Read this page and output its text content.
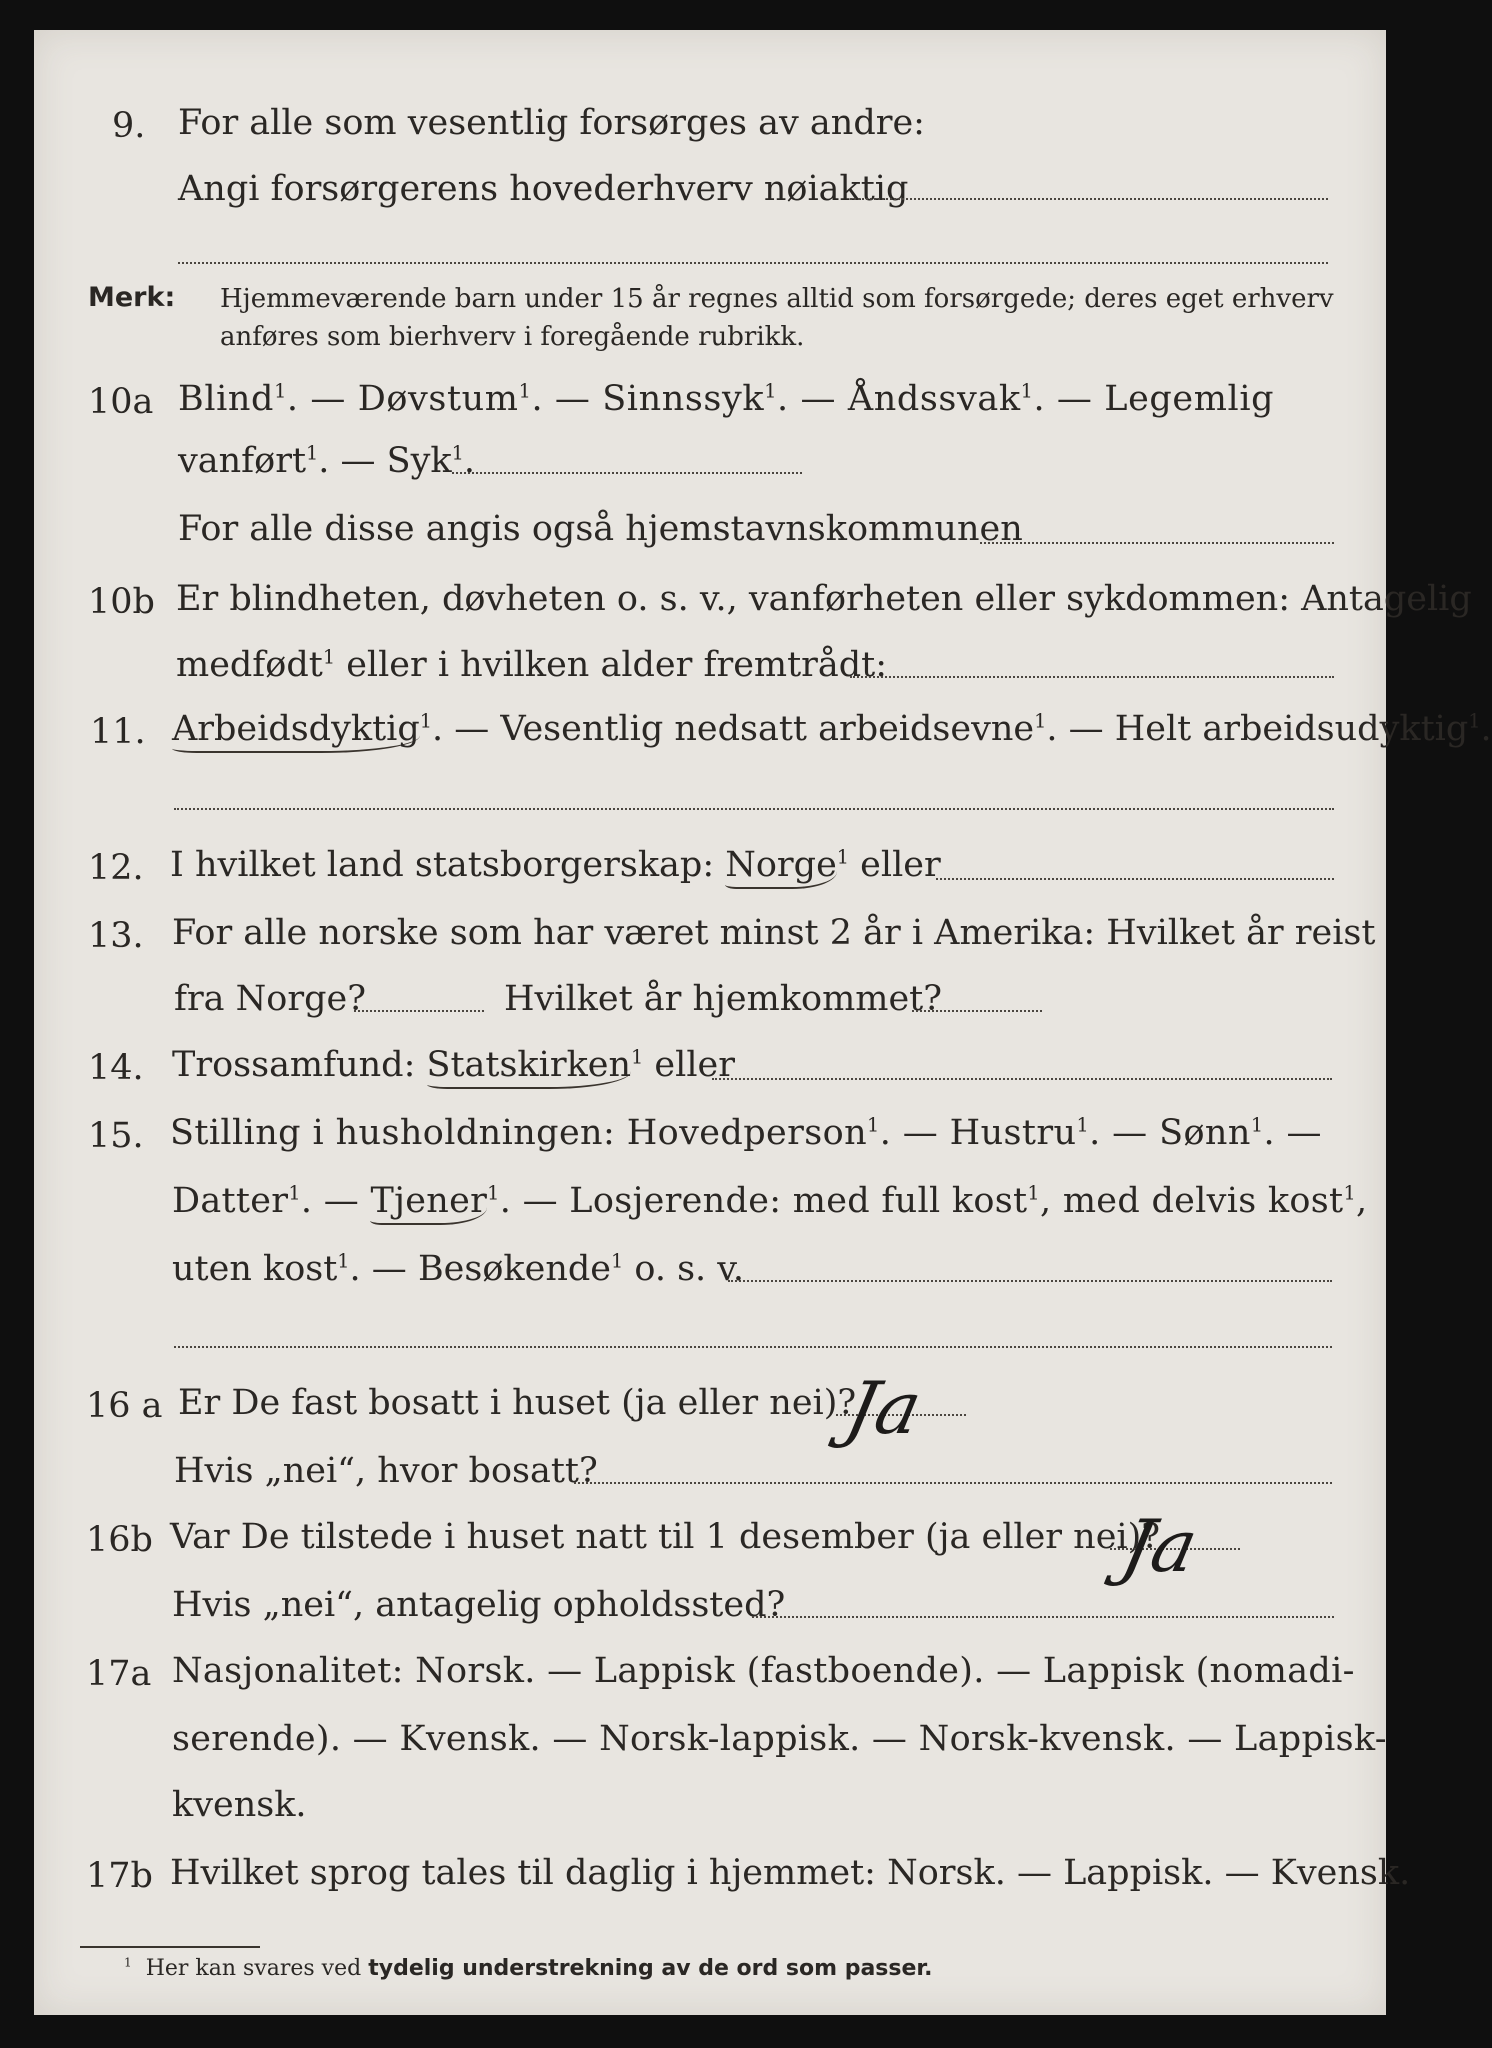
9. For alle som vesentlig forsørges av andre:
Angi forsørgerens hovederhverv nøiaktig
Merk: Hjemmeværende barn under 15 år regnes alltid som forsørgede; deres eget erhverv
anføres som bierhverv i foregående rubrikk.
10a Blind$^1$. — Døvstum$^1$. — Sinnssyk$^1$. — Åndssvak$^1$. — Legemlig
vanført$^1$. — Syk$^1$.
For alle disse angis også hjemstavnskommunen
10b Er blindheten, døvheten o. s. v., vanførheten eller sykdommen: Antagelig
medfødt$^1$ eller i hvilken alder fremtrådt:
11. Arbeidsdyktig$^1$. — Vesentlig nedsatt arbeidsevne$^1$. — Helt arbeidsudyktig$^1$.
12. I hvilket land statsborgerskap: Norge$^1$ eller
13. For alle norske som har været minst 2 år i Amerika: Hvilket år reist
fra Norge?	Hvilket år hjemkommet?
14. Trossamfund: Statskirken$^1$ eller
15. Stilling i husholdningen: Hovedperson$^1$. — Hustru$^1$. — Sønn$^1$. —
Datter$^1$. — Tjener$^1$. — Losjerende: med full kost$^1$, med delvis kost$^1$,
uten kost$^1$. — Besøkende$^1$ o. s. v.
16 a Er De fast bosatt i huset (ja eller nei)?
Ja
Hvis „nei“, hvor bosatt?
16b Var De tilstede i huset natt til 1 desember (ja eller nei)?
Ja
Hvis „nei“, antagelig opholdssted?
17a Nasjonalitet: Norsk. — Lappisk (fastboende). — Lappisk (nomadi-
serende). — Kvensk. — Norsk-lappisk. — Norsk-kvensk. — Lappisk-
kvensk.
17b Hvilket sprog tales til daglig i hjemmet: Norsk. — Lappisk. — Kvensk.
$^1$ Her kan svares ved tydelig understrekning av de ord som passer.
